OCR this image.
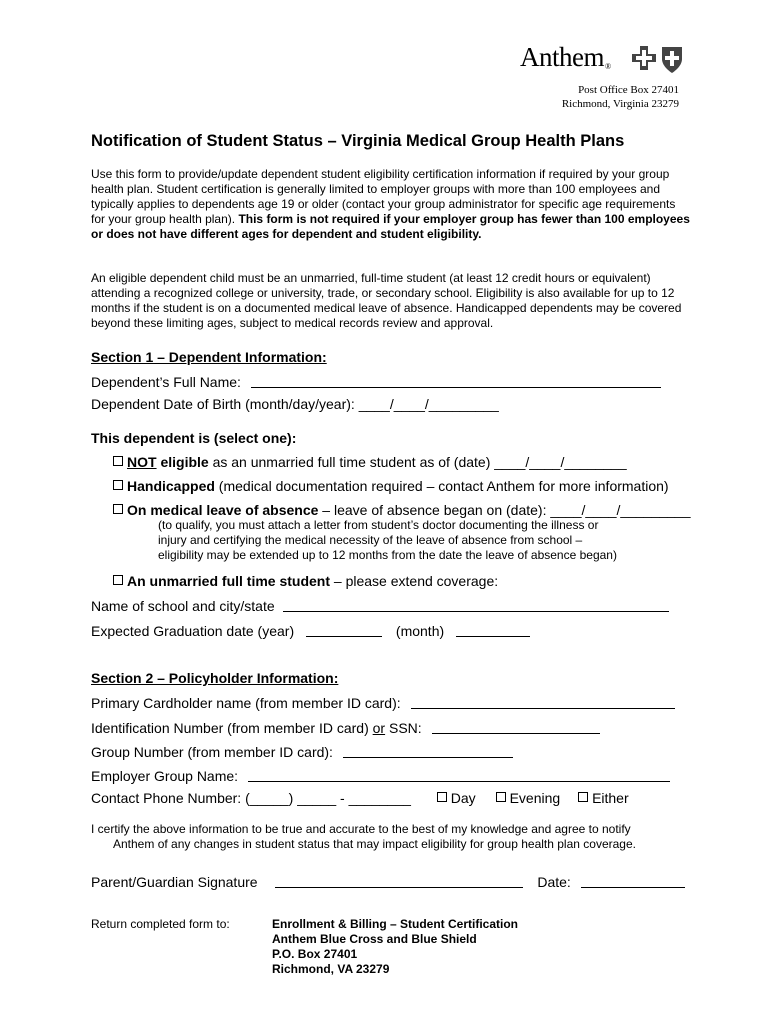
Anthem®
Post Office Box 27401
Richmond, Virginia 23279
Notification of Student Status – Virginia Medical Group Health Plans
Use this form to provide/update dependent student eligibility certification information if required by your group health plan. Student certification is generally limited to employer groups with more than 100 employees and typically applies to dependents age 19 or older (contact your group administrator for specific age requirements for your group health plan). This form is not required if your employer group has fewer than 100 employees or does not have different ages for dependent and student eligibility.
An eligible dependent child must be an unmarried, full-time student (at least 12 credit hours or equivalent) attending a recognized college or university, trade, or secondary school. Eligibility is also available for up to 12 months if the student is on a documented medical leave of absence. Handicapped dependents may be covered beyond these limiting ages, subject to medical records review and approval.
Section 1 – Dependent Information:
Dependent’s Full Name:
Dependent Date of Birth (month/day/year): ____/____/_________
This dependent is (select one):
NOT eligible as an unmarried full time student as of (date) ____/____/________
Handicapped (medical documentation required – contact Anthem for more information)
On medical leave of absence – leave of absence began on (date): ____/____/_________
(to qualify, you must attach a letter from student’s doctor documenting the illness or
injury and certifying the medical necessity of the leave of absence from school –
eligibility may be extended up to 12 months from the date the leave of absence began)
An unmarried full time student – please extend coverage:
Name of school and city/state
Expected Graduation date (year)	(month)
Section 2 – Policyholder Information:
Primary Cardholder name (from member ID card):
Identification Number (from member ID card) or SSN:
Group Number (from member ID card):
Employer Group Name:
Contact Phone Number: (_____) _____ - ________	Day Evening Either
I certify the above information to be true and accurate to the best of my knowledge and agree to notify
Anthem of any changes in student status that may impact eligibility for group health plan coverage.
Parent/Guardian Signature	Date:
Return completed form to:	Enrollment & Billing – Student Certification
Anthem Blue Cross and Blue Shield
P.O. Box 27401
Richmond, VA 23279
